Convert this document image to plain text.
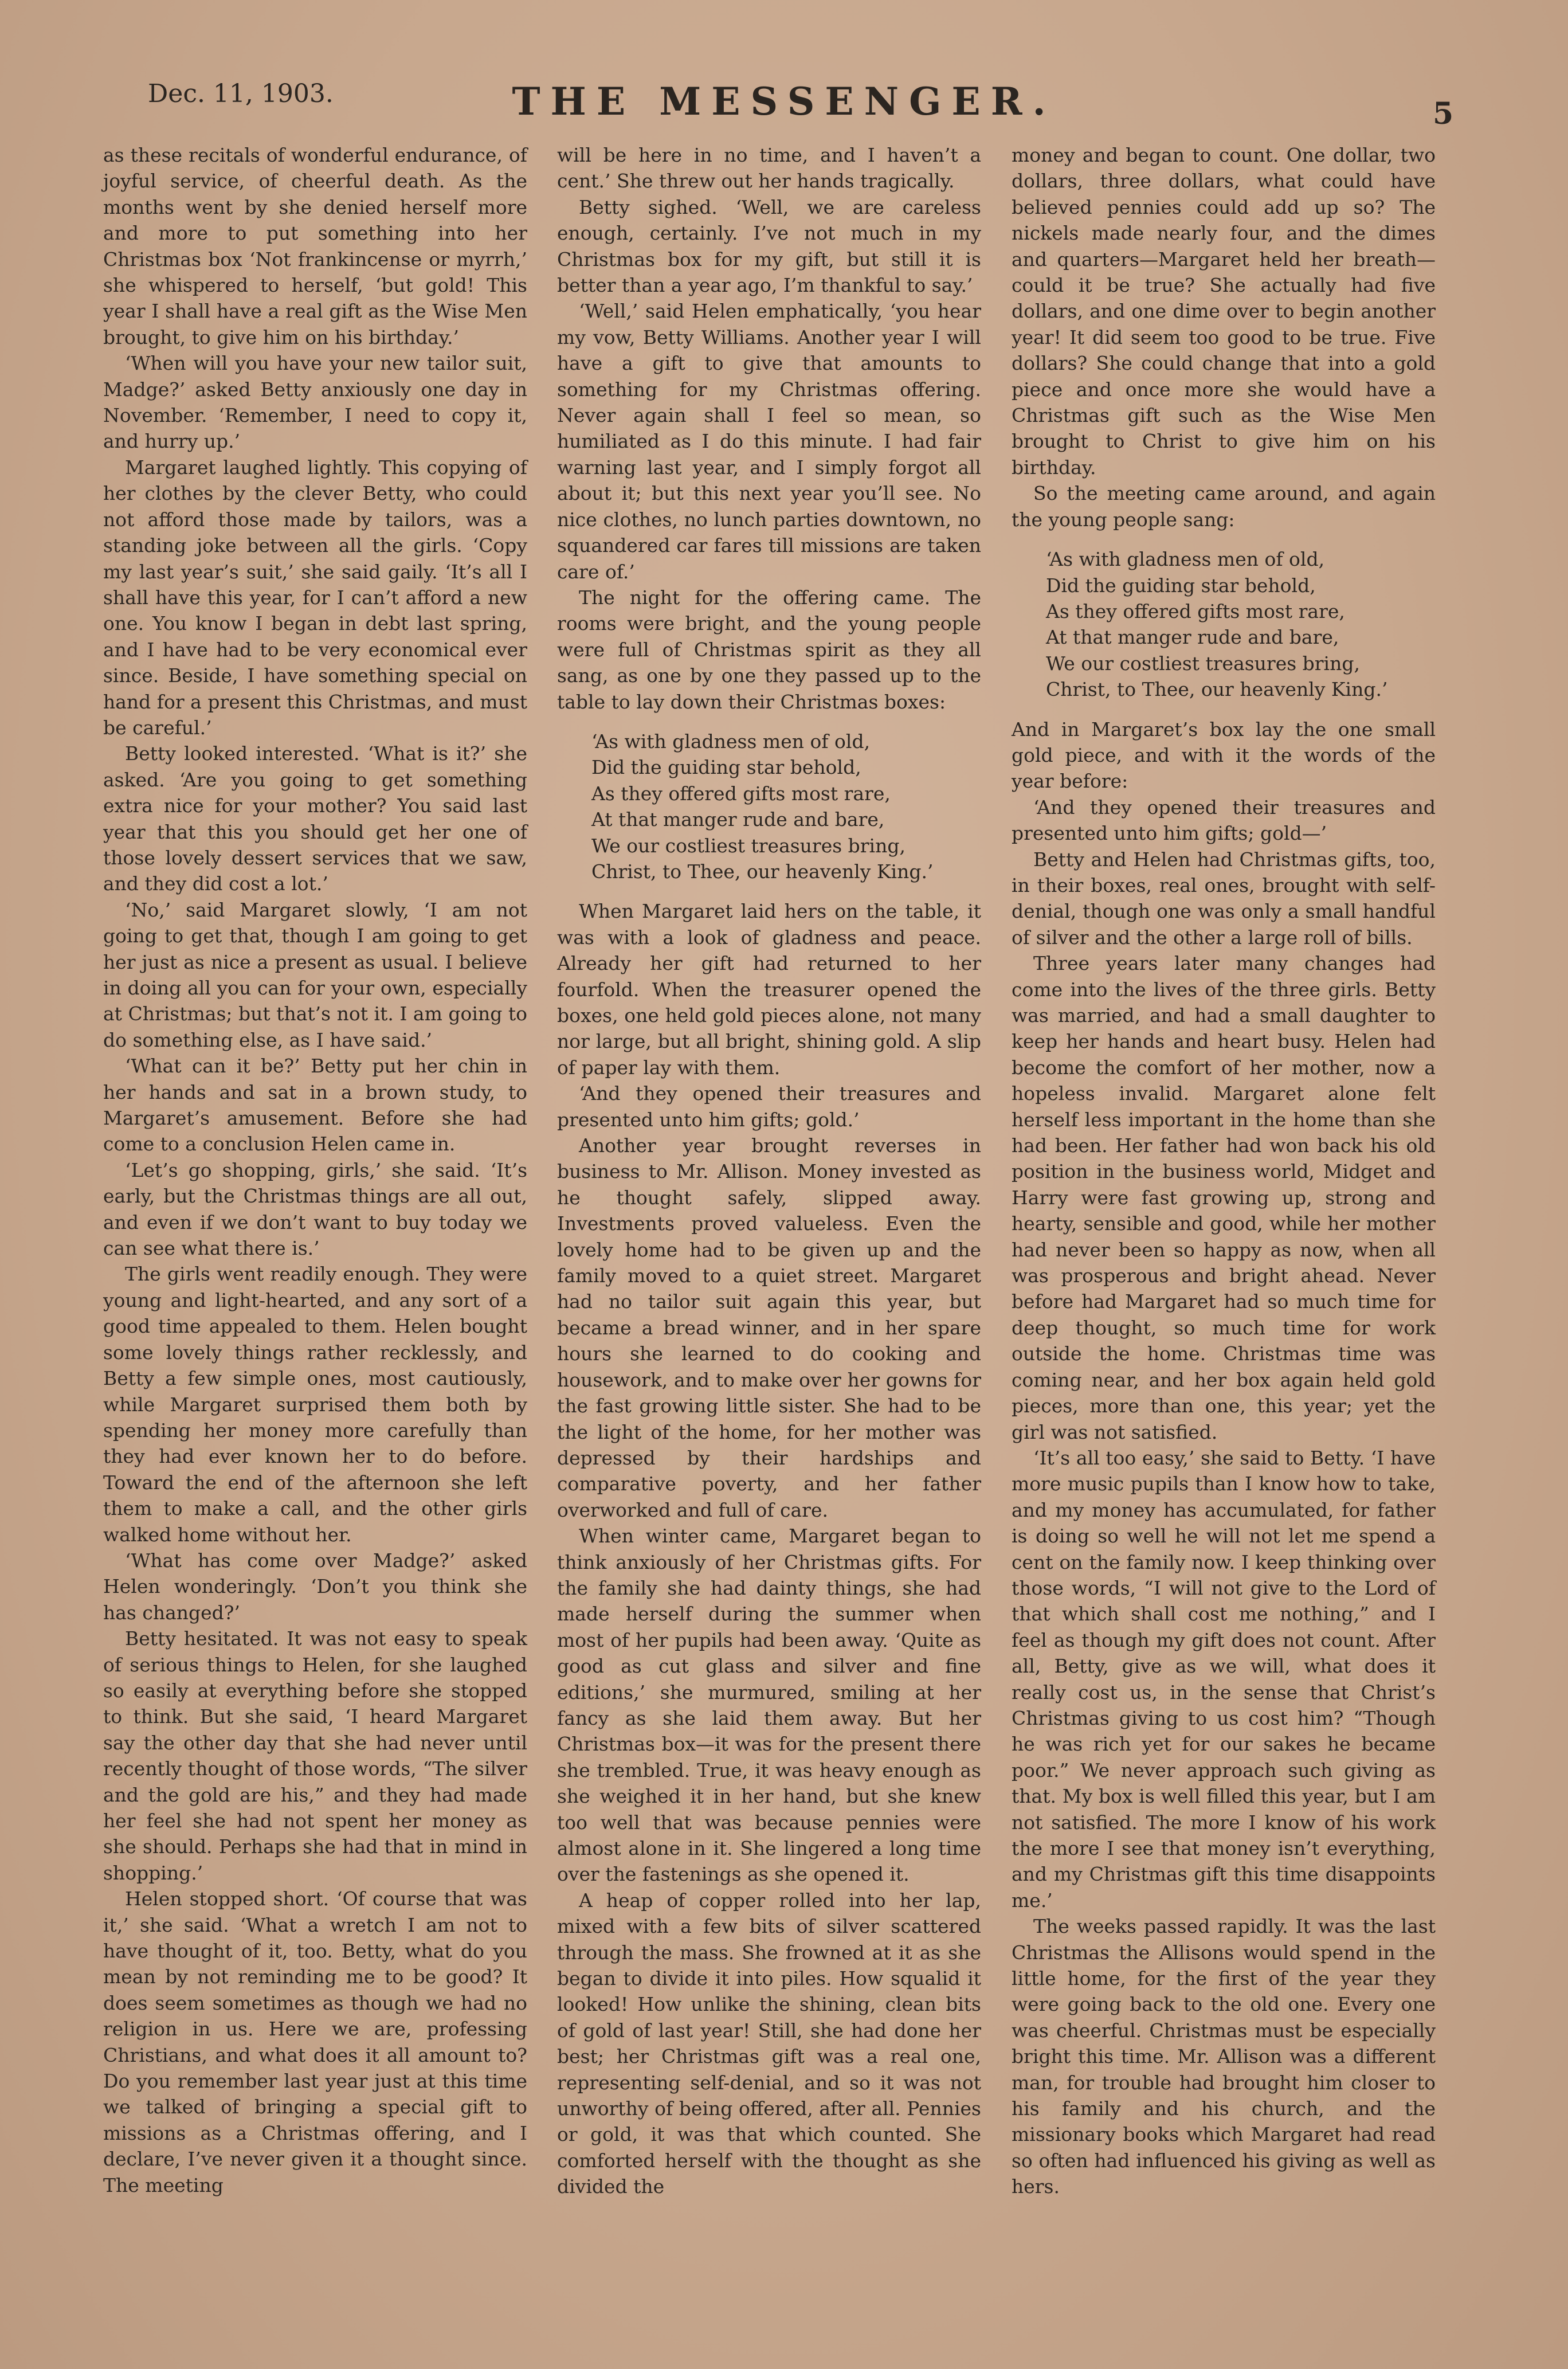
Dec. 11, 1903.	THE MESSENGER.	5

as these recitals of wonderful endurance, of joyful service, of cheerful death. As the months went by she denied herself more and more to put something into her Christmas box ‘Not frankincense or myrrh,’ she whispered to herself, ‘but gold! This year I shall have a real gift as the Wise Men brought, to give him on his birthday.’

‘When will you have your new tailor suit, Madge?’ asked Betty anxiously one day in November. ‘Remember, I need to copy it, and hurry up.’

Margaret laughed lightly. This copying of her clothes by the clever Betty, who could not afford those made by tailors, was a standing joke between all the girls. ‘Copy my last year’s suit,’ she said gaily. ‘It’s all I shall have this year, for I can’t afford a new one. You know I began in debt last spring, and I have had to be very economical ever since. Beside, I have something special on hand for a present this Christmas, and must be careful.’

Betty looked interested. ‘What is it?’ she asked. ‘Are you going to get something extra nice for your mother? You said last year that this you should get her one of those lovely dessert services that we saw, and they did cost a lot.’

‘No,’ said Margaret slowly, ‘I am not going to get that, though I am going to get her just as nice a present as usual. I believe in doing all you can for your own, especially at Christmas; but that’s not it. I am going to do something else, as I have said.’

‘What can it be?’ Betty put her chin in her hands and sat in a brown study, to Margaret’s amusement. Before she had come to a conclusion Helen came in.

‘Let’s go shopping, girls,’ she said. ‘It’s early, but the Christmas things are all out, and even if we don’t want to buy today we can see what there is.’

The girls went readily enough. They were young and light-hearted, and any sort of a good time appealed to them. Helen bought some lovely things rather recklessly, and Betty a few simple ones, most cautiously, while Margaret surprised them both by spending her money more carefully than they had ever known her to do before. Toward the end of the afternoon she left them to make a call, and the other girls walked home without her.

‘What has come over Madge?’ asked Helen wonderingly. ‘Don’t you think she has changed?’

Betty hesitated. It was not easy to speak of serious things to Helen, for she laughed so easily at everything before she stopped to think. But she said, ‘I heard Margaret say the other day that she had never until recently thought of those words, “The silver and the gold are his,” and they had made her feel she had not spent her money as she should. Perhaps she had that in mind in shopping.’

Helen stopped short. ‘Of course that was it,’ she said. ‘What a wretch I am not to have thought of it, too. Betty, what do you mean by not reminding me to be good? It does seem sometimes as though we had no religion in us. Here we are, professing Christians, and what does it all amount to? Do you remember last year just at this time we talked of bringing a special gift to missions as a Christmas offering, and I declare, I’ve never given it a thought since. The meeting

will be here in no time, and I haven’t a cent.’ She threw out her hands tragically.

Betty sighed. ‘Well, we are careless enough, certainly. I’ve not much in my Christmas box for my gift, but still it is better than a year ago, I’m thankful to say.’

‘Well,’ said Helen emphatically, ‘you hear my vow, Betty Williams. Another year I will have a gift to give that amounts to something for my Christmas offering. Never again shall I feel so mean, so humiliated as I do this minute. I had fair warning last year, and I simply forgot all about it; but this next year you’ll see. No nice clothes, no lunch parties downtown, no squandered car fares till missions are taken care of.’

The night for the offering came. The rooms were bright, and the young people were full of Christmas spirit as they all sang, as one by one they passed up to the table to lay down their Christmas boxes:

‘As with gladness men of old,
Did the guiding star behold,
As they offered gifts most rare,
At that manger rude and bare,
We our costliest treasures bring,
Christ, to Thee, our heavenly King.’

When Margaret laid hers on the table, it was with a look of gladness and peace. Already her gift had returned to her fourfold. When the treasurer opened the boxes, one held gold pieces alone, not many nor large, but all bright, shining gold. A slip of paper lay with them.

‘And they opened their treasures and presented unto him gifts; gold.’

Another year brought reverses in business to Mr. Allison. Money invested as he thought safely, slipped away. Investments proved valueless. Even the lovely home had to be given up and the family moved to a quiet street. Margaret had no tailor suit again this year, but became a bread winner, and in her spare hours she learned to do cooking and housework, and to make over her gowns for the fast growing little sister. She had to be the light of the home, for her mother was depressed by their hardships and comparative poverty, and her father overworked and full of care.

When winter came, Margaret began to think anxiously of her Christmas gifts. For the family she had dainty things, she had made herself during the summer when most of her pupils had been away. ‘Quite as good as cut glass and silver and fine editions,’ she murmured, smiling at her fancy as she laid them away. But her Christmas box—it was for the present there she trembled. True, it was heavy enough as she weighed it in her hand, but she knew too well that was because pennies were almost alone in it. She lingered a long time over the fastenings as she opened it.

A heap of copper rolled into her lap, mixed with a few bits of silver scattered through the mass. She frowned at it as she began to divide it into piles. How squalid it looked! How unlike the shining, clean bits of gold of last year! Still, she had done her best; her Christmas gift was a real one, representing self-denial, and so it was not unworthy of being offered, after all. Pennies or gold, it was that which counted. She comforted herself with the thought as she divided the

money and began to count. One dollar, two dollars, three dollars, what could have believed pennies could add up so? The nickels made nearly four, and the dimes and quarters—Margaret held her breath—could it be true? She actually had five dollars, and one dime over to begin another year! It did seem too good to be true. Five dollars? She could change that into a gold piece and once more she would have a Christmas gift such as the Wise Men brought to Christ to give him on his birthday.

So the meeting came around, and again the young people sang:

‘As with gladness men of old,
Did the guiding star behold,
As they offered gifts most rare,
At that manger rude and bare,
We our costliest treasures bring,
Christ, to Thee, our heavenly King.’

And in Margaret’s box lay the one small gold piece, and with it the words of the year before:

‘And they opened their treasures and presented unto him gifts; gold—’

Betty and Helen had Christmas gifts, too, in their boxes, real ones, brought with self-denial, though one was only a small handful of silver and the other a large roll of bills.

Three years later many changes had come into the lives of the three girls. Betty was married, and had a small daughter to keep her hands and heart busy. Helen had become the comfort of her mother, now a hopeless invalid. Margaret alone felt herself less important in the home than she had been. Her father had won back his old position in the business world, Midget and Harry were fast growing up, strong and hearty, sensible and good, while her mother had never been so happy as now, when all was prosperous and bright ahead. Never before had Margaret had so much time for deep thought, so much time for work outside the home. Christmas time was coming near, and her box again held gold pieces, more than one, this year; yet the girl was not satisfied.

‘It’s all too easy,’ she said to Betty. ‘I have more music pupils than I know how to take, and my money has accumulated, for father is doing so well he will not let me spend a cent on the family now. I keep thinking over those words, “I will not give to the Lord of that which shall cost me nothing,” and I feel as though my gift does not count. After all, Betty, give as we will, what does it really cost us, in the sense that Christ’s Christmas giving to us cost him? “Though he was rich yet for our sakes he became poor.” We never approach such giving as that. My box is well filled this year, but I am not satisfied. The more I know of his work the more I see that money isn’t everything, and my Christmas gift this time disappoints me.’

The weeks passed rapidly. It was the last Christmas the Allisons would spend in the little home, for the first of the year they were going back to the old one. Every one was cheerful. Christmas must be especially bright this time. Mr. Allison was a different man, for trouble had brought him closer to his family and his church, and the missionary books which Margaret had read so often had influenced his giving as well as hers.
